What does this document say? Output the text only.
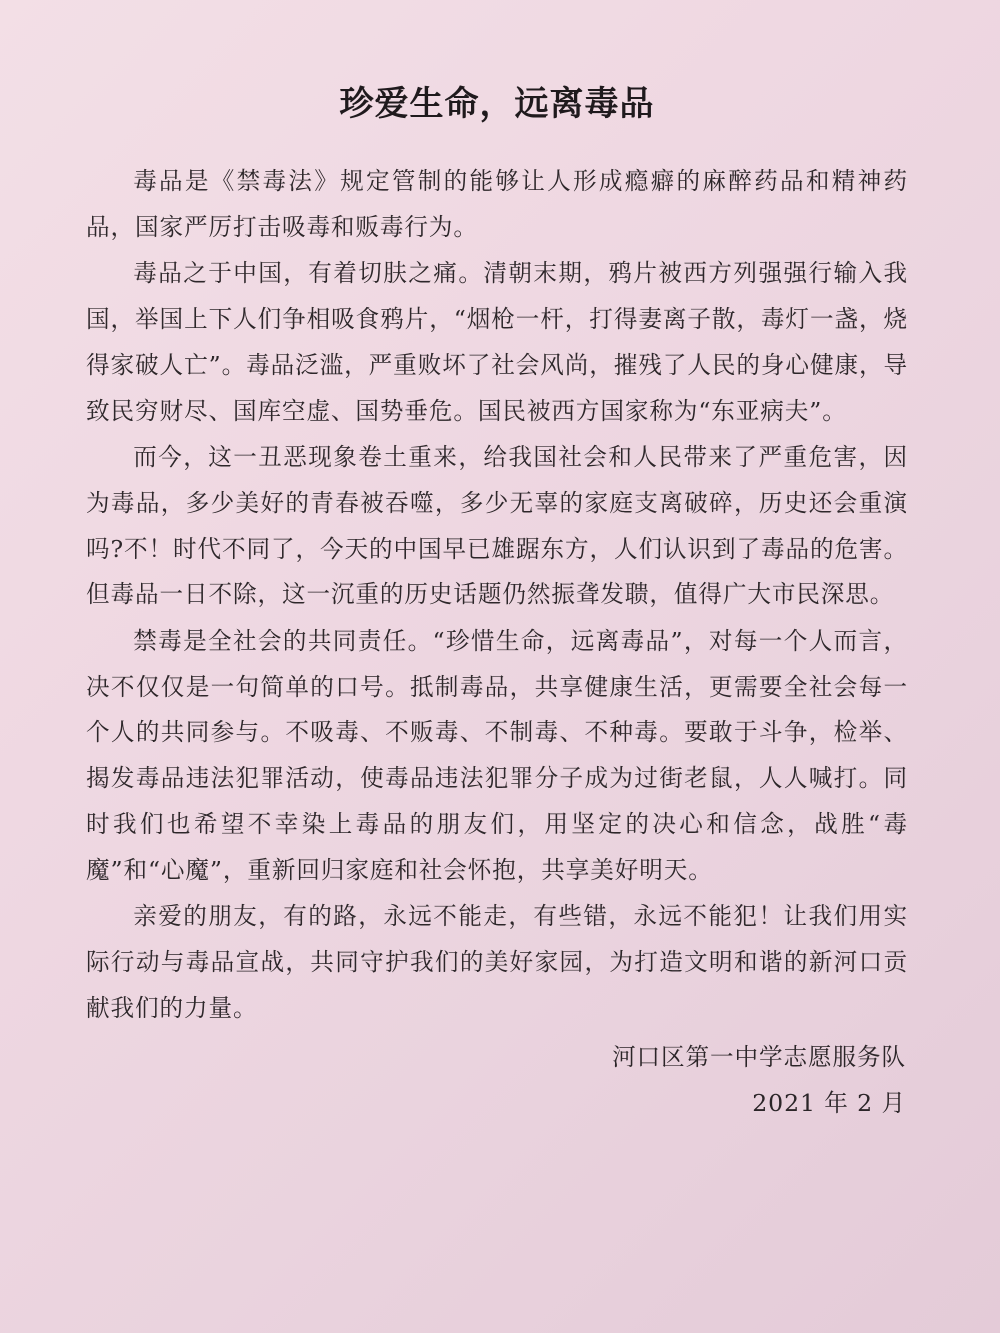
珍爱生命，远离毒品

毒品是《禁毒法》规定管制的能够让人形成瘾癖的麻醉药品和精神药品，国家严厉打击吸毒和贩毒行为。

毒品之于中国，有着切肤之痛。清朝末期，鸦片被西方列强强行输入我国，举国上下人们争相吸食鸦片，“烟枪一杆，打得妻离子散，毒灯一盏，烧得家破人亡”。毒品泛滥，严重败坏了社会风尚，摧残了人民的身心健康，导致民穷财尽、国库空虚、国势垂危。国民被西方国家称为“东亚病夫”。

而今，这一丑恶现象卷土重来，给我国社会和人民带来了严重危害，因为毒品，多少美好的青春被吞噬，多少无辜的家庭支离破碎，历史还会重演吗?不！时代不同了，今天的中国早已雄踞东方，人们认识到了毒品的危害。但毒品一日不除，这一沉重的历史话题仍然振聋发聩，值得广大市民深思。

禁毒是全社会的共同责任。“珍惜生命，远离毒品”，对每一个人而言，决不仅仅是一句简单的口号。抵制毒品，共享健康生活，更需要全社会每一个人的共同参与。不吸毒、不贩毒、不制毒、不种毒。要敢于斗争，检举、揭发毒品违法犯罪活动，使毒品违法犯罪分子成为过街老鼠，人人喊打。同时我们也希望不幸染上毒品的朋友们，用坚定的决心和信念，战胜“毒魔”和“心魔”，重新回归家庭和社会怀抱，共享美好明天。

亲爱的朋友，有的路，永远不能走，有些错，永远不能犯！让我们用实际行动与毒品宣战，共同守护我们的美好家园，为打造文明和谐的新河口贡献我们的力量。

河口区第一中学志愿服务队
2021 年 2 月
